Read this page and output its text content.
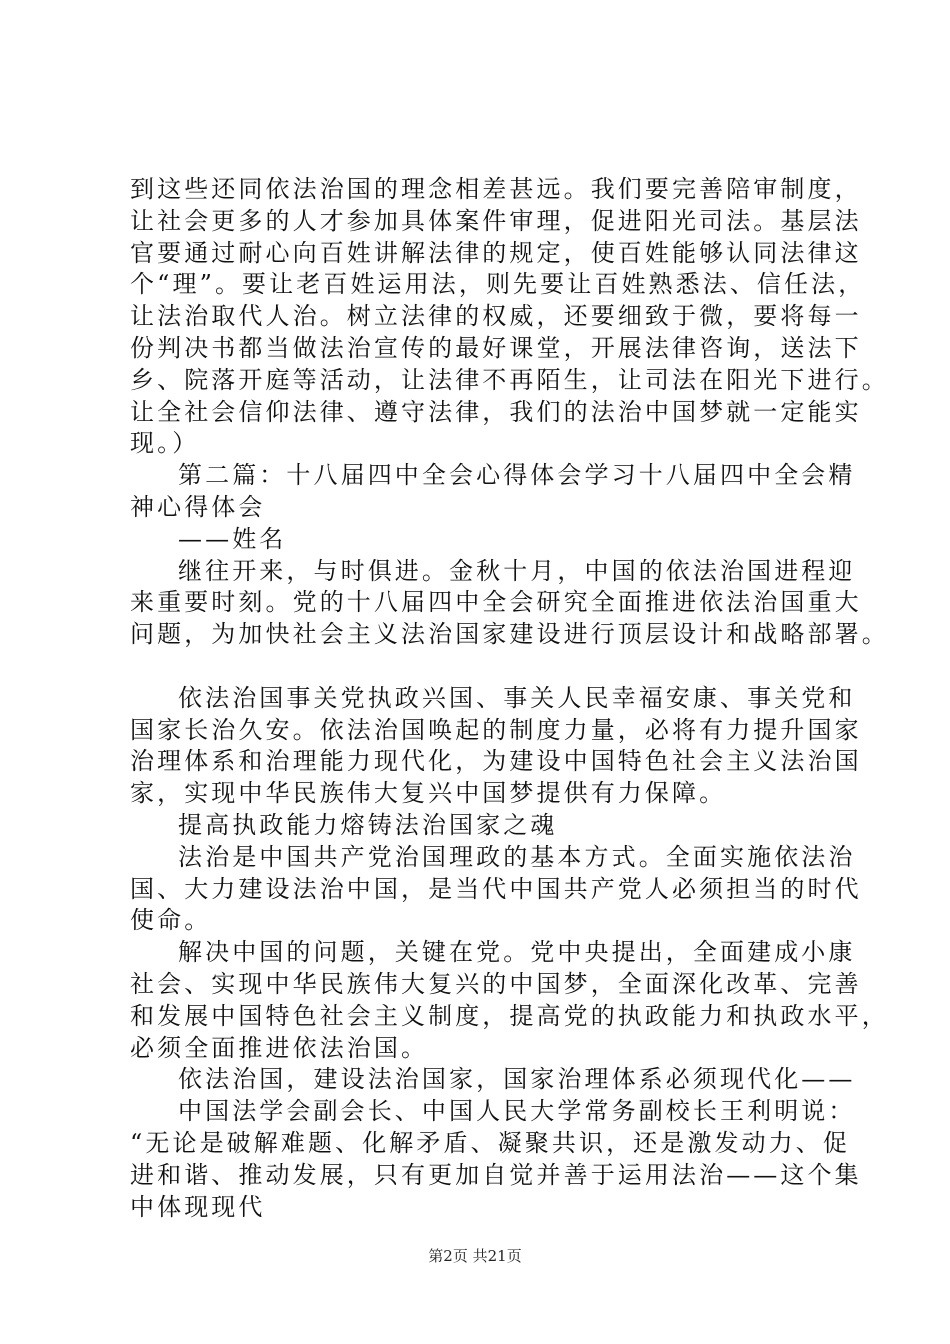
到这些还同依法治国的理念相差甚远。我们要完善陪审制度，
让社会更多的人才参加具体案件审理，促进阳光司法。基层法
官要通过耐心向百姓讲解法律的规定，使百姓能够认同法律这
个“理”。要让老百姓运用法，则先要让百姓熟悉法、信任法，
让法治取代人治。树立法律的权威，还要细致于微，要将每一
份判决书都当做法治宣传的最好课堂，开展法律咨询，送法下
乡、院落开庭等活动，让法律不再陌生，让司法在阳光下进行。
让全社会信仰法律、遵守法律，我们的法治中国梦就一定能实
现。）
第二篇：十八届四中全会心得体会学习十八届四中全会精
神心得体会
——姓名
继往开来，与时俱进。金秋十月，中国的依法治国进程迎
来重要时刻。党的十八届四中全会研究全面推进依法治国重大
问题，为加快社会主义法治国家建设进行顶层设计和战略部署。
依法治国事关党执政兴国、事关人民幸福安康、事关党和
国家长治久安。依法治国唤起的制度力量，必将有力提升国家
治理体系和治理能力现代化，为建设中国特色社会主义法治国
家，实现中华民族伟大复兴中国梦提供有力保障。
提高执政能力熔铸法治国家之魂
法治是中国共产党治国理政的基本方式。全面实施依法治
国、大力建设法治中国，是当代中国共产党人必须担当的时代
使命。
解决中国的问题，关键在党。党中央提出，全面建成小康
社会、实现中华民族伟大复兴的中国梦，全面深化改革、完善
和发展中国特色社会主义制度，提高党的执政能力和执政水平，
必须全面推进依法治国。
依法治国，建设法治国家，国家治理体系必须现代化——
中国法学会副会长、中国人民大学常务副校长王利明说：
“无论是破解难题、化解矛盾、凝聚共识，还是激发动力、促
进和谐、推动发展，只有更加自觉并善于运用法治——这个集
中体现现代
第2页 共21页
